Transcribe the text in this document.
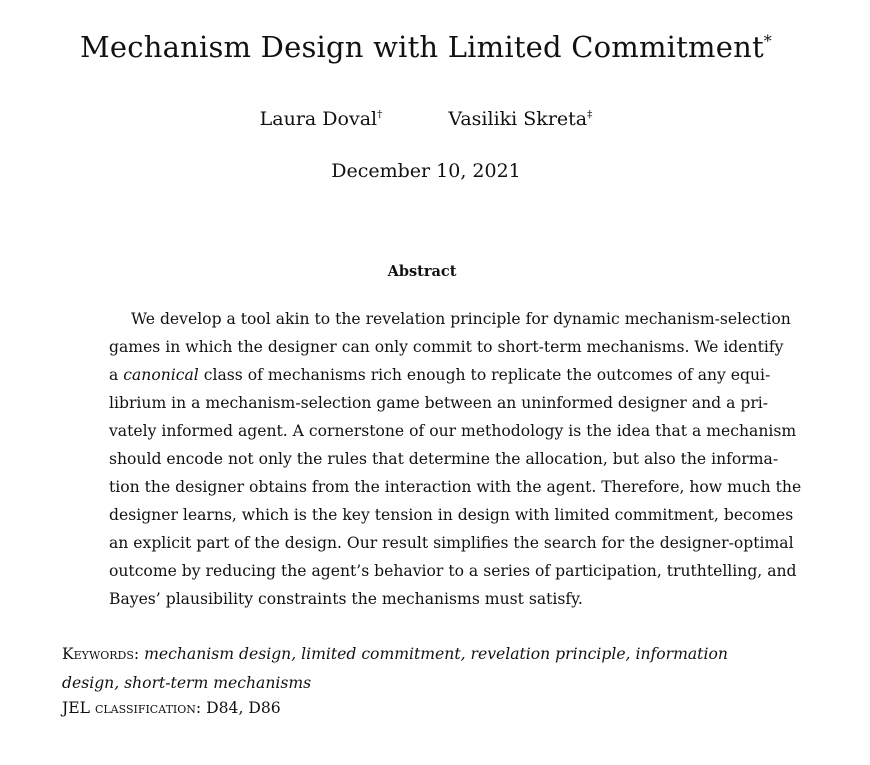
Mechanism Design with Limited Commitment*
Laura Doval†	Vasiliki Skreta‡
December 10, 2021
Abstract
We develop a tool akin to the revelation principle for dynamic mechanism-selection
games in which the designer can only commit to short-term mechanisms. We identify
a canonical class of mechanisms rich enough to replicate the outcomes of any equi-
librium in a mechanism-selection game between an uninformed designer and a pri-
vately informed agent. A cornerstone of our methodology is the idea that a mechanism
should encode not only the rules that determine the allocation, but also the informa-
tion the designer obtains from the interaction with the agent. Therefore, how much the
designer learns, which is the key tension in design with limited commitment, becomes
an explicit part of the design. Our result simplifies the search for the designer-optimal
outcome by reducing the agent’s behavior to a series of participation, truthtelling, and
Bayes’ plausibility constraints the mechanisms must satisfy.
Keywords: mechanism design, limited commitment, revelation principle, information design, short-term mechanisms
JEL classification: D84, D86
